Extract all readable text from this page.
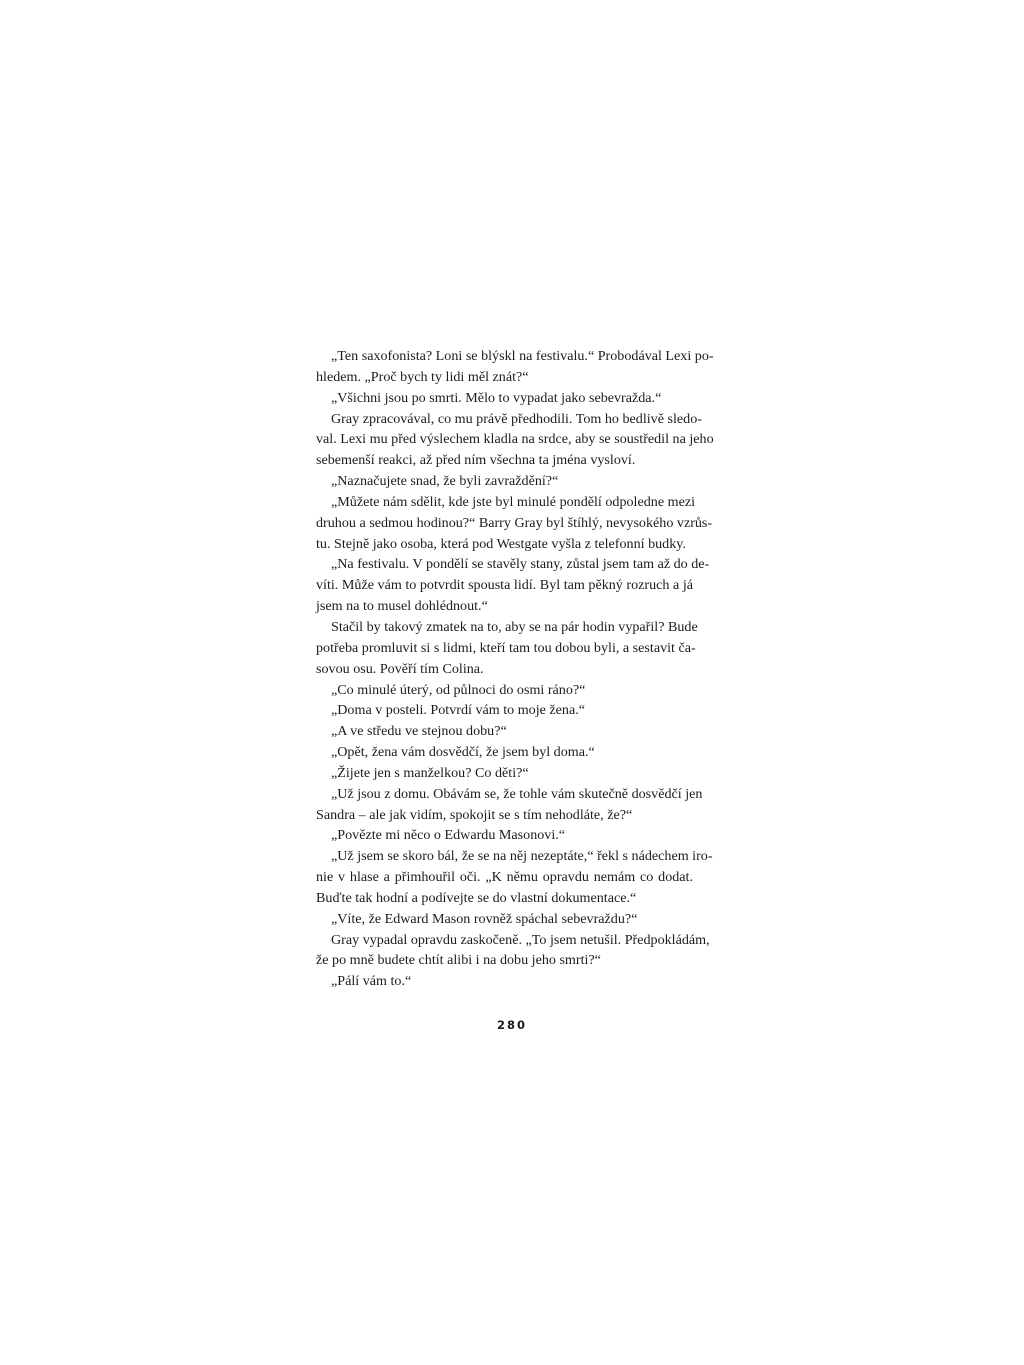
„Ten saxofonista? Loni se blýskl na festivalu.“ Probodával Lexi po-
hledem. „Proč bych ty lidi měl znát?“
„Všichni jsou po smrti. Mělo to vypadat jako sebevražda.“
Gray zpracovával, co mu právě předhodili. Tom ho bedlivě sledo-
val. Lexi mu před výslechem kladla na srdce, aby se soustředil na jeho
sebemenší reakci, až před ním všechna ta jména vysloví.
„Naznačujete snad, že byli zavraždění?“
„Můžete nám sdělit, kde jste byl minulé pondělí odpoledne mezi
druhou a sedmou hodinou?“ Barry Gray byl štíhlý, nevysokého vzrůs-
tu. Stejně jako osoba, která pod Westgate vyšla z telefonní budky.
„Na festivalu. V pondělí se stavěly stany, zůstal jsem tam až do de-
víti. Může vám to potvrdit spousta lidí. Byl tam pěkný rozruch a já
jsem na to musel dohlédnout.“
Stačil by takový zmatek na to, aby se na pár hodin vypařil? Bude
potřeba promluvit si s lidmi, kteří tam tou dobou byli, a sestavit ča-
sovou osu. Pověří tím Colina.
„Co minulé úterý, od půlnoci do osmi ráno?“
„Doma v posteli. Potvrdí vám to moje žena.“
„A ve středu ve stejnou dobu?“
„Opět, žena vám dosvědčí, že jsem byl doma.“
„Žijete jen s manželkou? Co děti?“
„Už jsou z domu. Obávám se, že tohle vám skutečně dosvědčí jen
Sandra – ale jak vidím, spokojit se s tím nehodláte, že?“
„Povězte mi něco o Edwardu Masonovi.“
„Už jsem se skoro bál, že se na něj nezeptáte,“ řekl s nádechem iro-
nie v hlase a přimhouřil oči. „K němu opravdu nemám co dodat.
Buďte tak hodní a podívejte se do vlastní dokumentace.“
„Víte, že Edward Mason rovněž spáchal sebevraždu?“
Gray vypadal opravdu zaskočeně. „To jsem netušil. Předpokládám,
že po mně budete chtít alibi i na dobu jeho smrti?“
„Pálí vám to.“
280
